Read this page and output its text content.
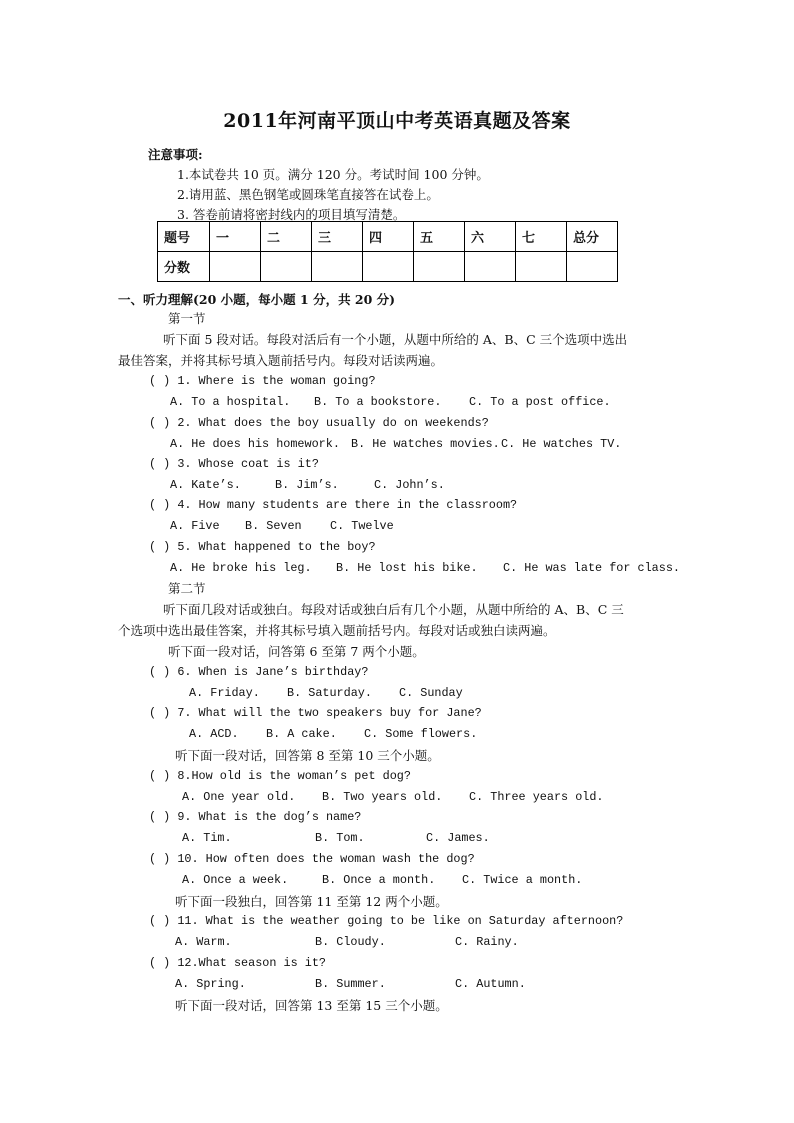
2011年河南平顶山中考英语真题及答案
注意事项:
1.本试卷共 10 页。满分 120 分。考试时间 100 分钟。
2.请用蓝、黑色钢笔或圆珠笔直接答在试卷上。
3. 答卷前请将密封线内的项目填写清楚。
题号	一	二	三	四	五	六	七	总分
分数								
一、听力理解(20 小题，每小题 1 分，共 20 分)
第一节
听下面 5 段对话。每段对活后有一个小题，从题中所给的 A、B、C 三个选项中选出
最佳答案，并将其标号填入题前括号内。每段对话读两遍。
( ) 1. Where is the woman going?
A. To a hospital. B. To a bookstore. C. To a post office.
( ) 2. What does the boy usually do on weekends?
A. He does his homework. B. He watches movies. C. He watches TV.
( ) 3. Whose coat is it?
A. Kate’s.	B. Jim’s.	C. John’s.
( ) 4. How many students are there in the classroom?
A. Five B. Seven C. Twelve
( ) 5. What happened to the boy?
A. He broke his leg. B. He lost his bike. C. He was late for class.
第二节
听下面几段对话或独白。每段对话或独白后有几个小题，从题中所给的 A、B、C 三
个选项中选出最佳答案，并将其标号填入题前括号内。每段对话或独白读两遍。
听下面一段对话，问答第 6 至第 7 两个小题。
( ) 6. When is Jane’s birthday?
A. Friday. B. Saturday. C. Sunday
( ) 7. What will the two speakers buy for Jane?
A. ACD. B. A cake. C. Some flowers.
听下面一段对话，回答第 8 至第 10 三个小题。
( ) 8.How old is the woman’s pet dog?
A. One year old. B. Two years old. C. Three years old.
( ) 9. What is the dog’s name?
A. Tim.	B. Tom.	C. James.
( ) 10. How often does the woman wash the dog?
A. Once a week.	B. Once a month. C. Twice a month.
听下面一段独白，回答第 11 至第 12 两个小题。
( ) 11. What is the weather going to be like on Saturday afternoon?
A. Warm.	B. Cloudy.	C. Rainy.
( ) 12.What season is it?
A. Spring.	B. Summer.	C. Autumn.
听下面一段对话，回答第 13 至第 15 三个小题。
